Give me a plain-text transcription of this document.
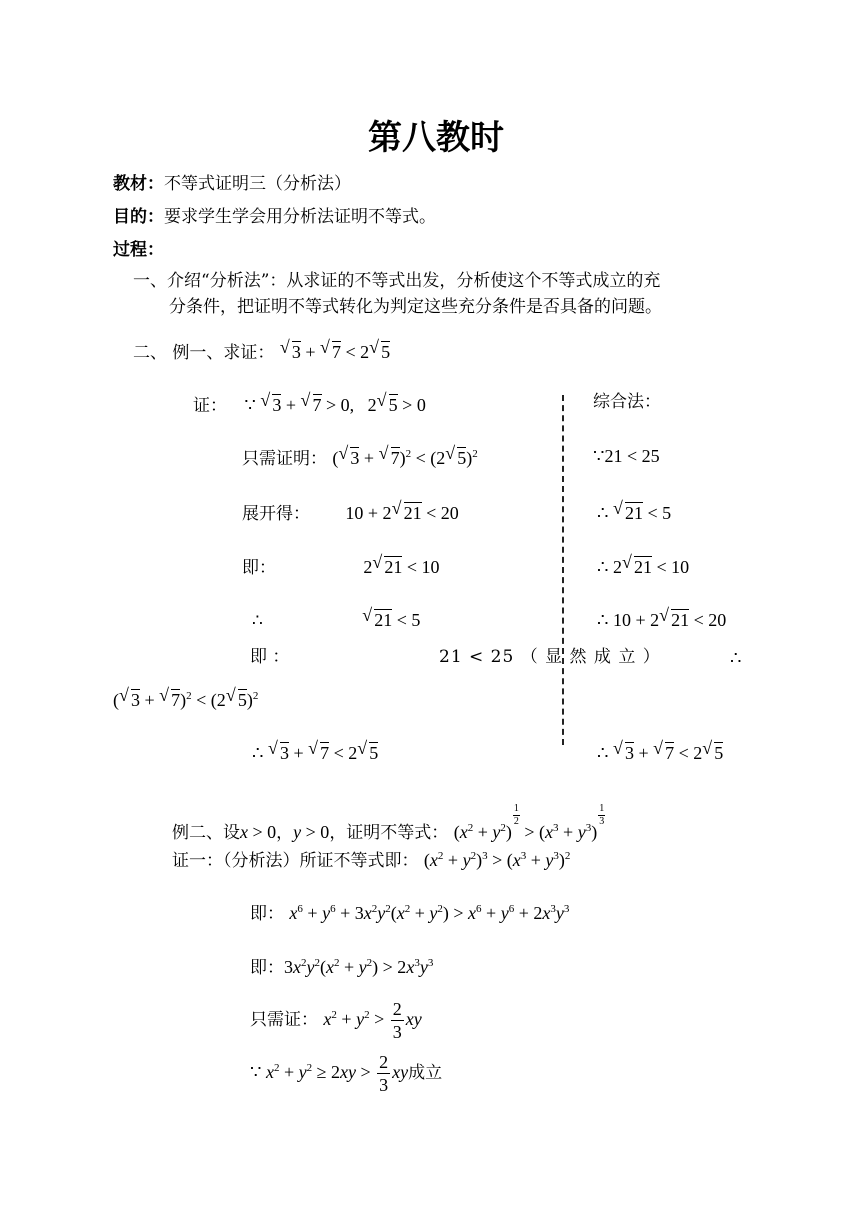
第八教时
教材：不等式证明三（分析法）
目的：要求学生学会用分析法证明不等式。
过程：
一、介绍“分析法”：从求证的不等式出发，分析使这个不等式成立的充
分条件，把证明不等式转化为判定这些充分条件是否具备的问题。
二、 例一、求证： √ 3 + √ 7 < 2 √ 5
证： ∵ √ 3 + √ 7 > 0,   2 √ 5 > 0
只需证明： ( √ 3 + √ 7)$^2$ < (2 √ 5)$^2$
展开得： 10 + 2 √ 21 < 20
即：	2 √ 21 < 10
∴	√ 21 < 5
即 ：	21 < 25 （ 显 然 成 立 ）	∴
( √ 3 + √ 7)$^2$ < (2 √ 5)$^2$
∴ √ 3 + √ 7 < 2 √ 5
综合法：
∵21 < 25
∴ √ 21 < 5
∴ 2 √ 21 < 10
∴ 10 + 2 √ 21 < 20
∴ √ 3 + √ 7 < 2 √ 5
例二、设x > 0，y > 0，证明不等式： $(x^2 + y^2)$
$\frac{1}{2}$
> $(x^3 + y^3)$
$\frac{1}{3}$
证一：（分析法）所证不等式即： $(x^2 + y^2)^3 > (x^3 + y^3)^2$
即： $x^6 + y^6 + 3x^2y^2(x^2 + y^2) > x^6 + y^6 + 2x^3y^3$
即：$3x^2y^2(x^2 + y^2) > 2x^3y^3$
只需证： $x^2 + y^2 > \frac{2}{3}$ xy
∵ $x^2 + y^2 \ge 2xy > \frac{2}{3}$ xy成立
